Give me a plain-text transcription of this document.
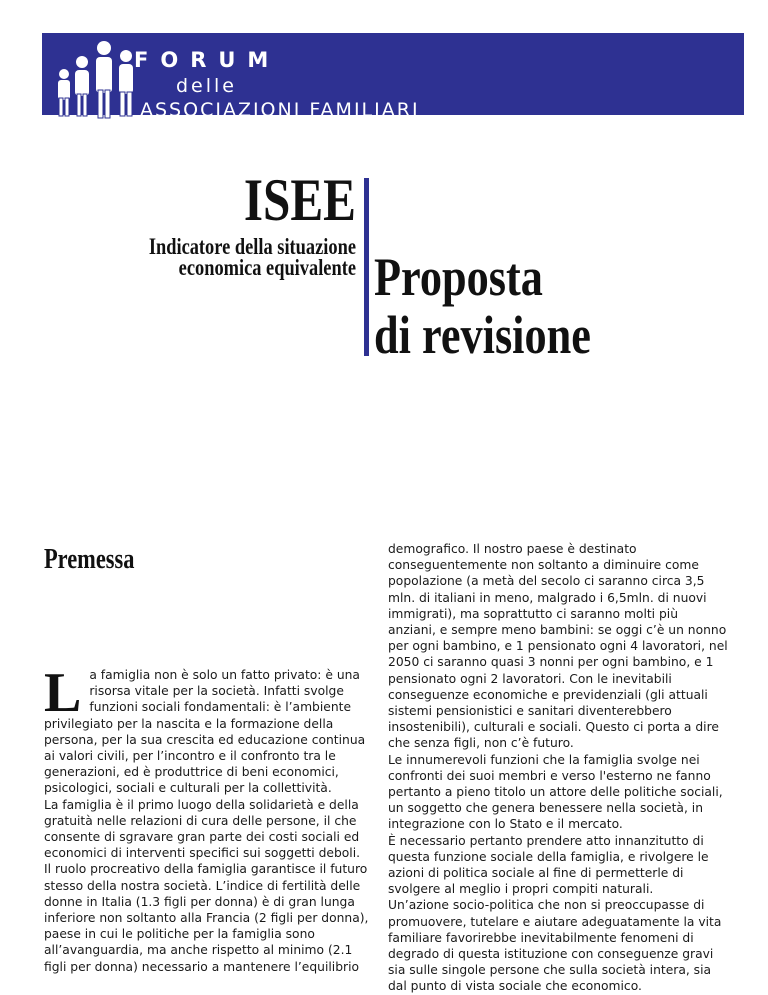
FORUM
delle
ASSOCIAZIONI FAMILIARI
ISEE
Indicatore della situazione
economica equivalente Proposta
di revisione
Premessa

La famiglia non è solo un fatto privato: è una risorsa vitale per la società. Infatti svolge funzioni sociali fondamentali: è l’ambiente privilegiato per la nascita e la formazione della persona, per la sua crescita ed educazione continua ai valori civili, per l’incontro e il confronto tra le generazioni, ed è produttrice di beni economici, psicologici, sociali e culturali per la collettività.

La famiglia è il primo luogo della solidarietà e della gratuità nelle relazioni di cura delle persone, il che consente di sgravare gran parte dei costi sociali ed economici di interventi specifici sui soggetti deboli.

Il ruolo procreativo della famiglia garantisce il futuro stesso della nostra società. L’indice di fertilità delle donne in Italia (1.3 figli per donna) è di gran lunga inferiore non soltanto alla Francia (2 figli per donna), paese in cui le politiche per la famiglia sono all’avanguardia, ma anche rispetto al minimo (2.1 figli per donna) necessario a mantenere l’equilibrio

demografico. Il nostro paese è destinato conseguentemente non soltanto a diminuire come popolazione (a metà del secolo ci saranno circa 3,5 mln. di italiani in meno, malgrado i 6,5mln. di nuovi immigrati), ma soprattutto ci saranno molti più anziani, e sempre meno bambini: se oggi c’è un nonno per ogni bambino, e 1 pensionato ogni 4 lavoratori, nel 2050 ci saranno quasi 3 nonni per ogni bambino, e 1 pensionato ogni 2 lavoratori. Con le inevitabili conseguenze economiche e previdenziali (gli attuali sistemi pensionistici e sanitari diventerebbero insostenibili), culturali e sociali. Questo ci porta a dire che senza figli, non c’è futuro.

Le innumerevoli funzioni che la famiglia svolge nei confronti dei suoi membri e verso l'esterno ne fanno pertanto a pieno titolo un attore delle politiche sociali, un soggetto che genera benessere nella società, in integrazione con lo Stato e il mercato.

È necessario pertanto prendere atto innanzitutto di questa funzione sociale della famiglia, e rivolgere le azioni di politica sociale al fine di permetterle di svolgere al meglio i propri compiti naturali.

Un’azione socio-politica che non si preoccupasse di promuovere, tutelare e aiutare adeguatamente la vita familiare favorirebbe inevitabilmente fenomeni di degrado di questa istituzione con conseguenze gravi sia sulle singole persone che sulla società intera, sia dal punto di vista sociale che economico.
